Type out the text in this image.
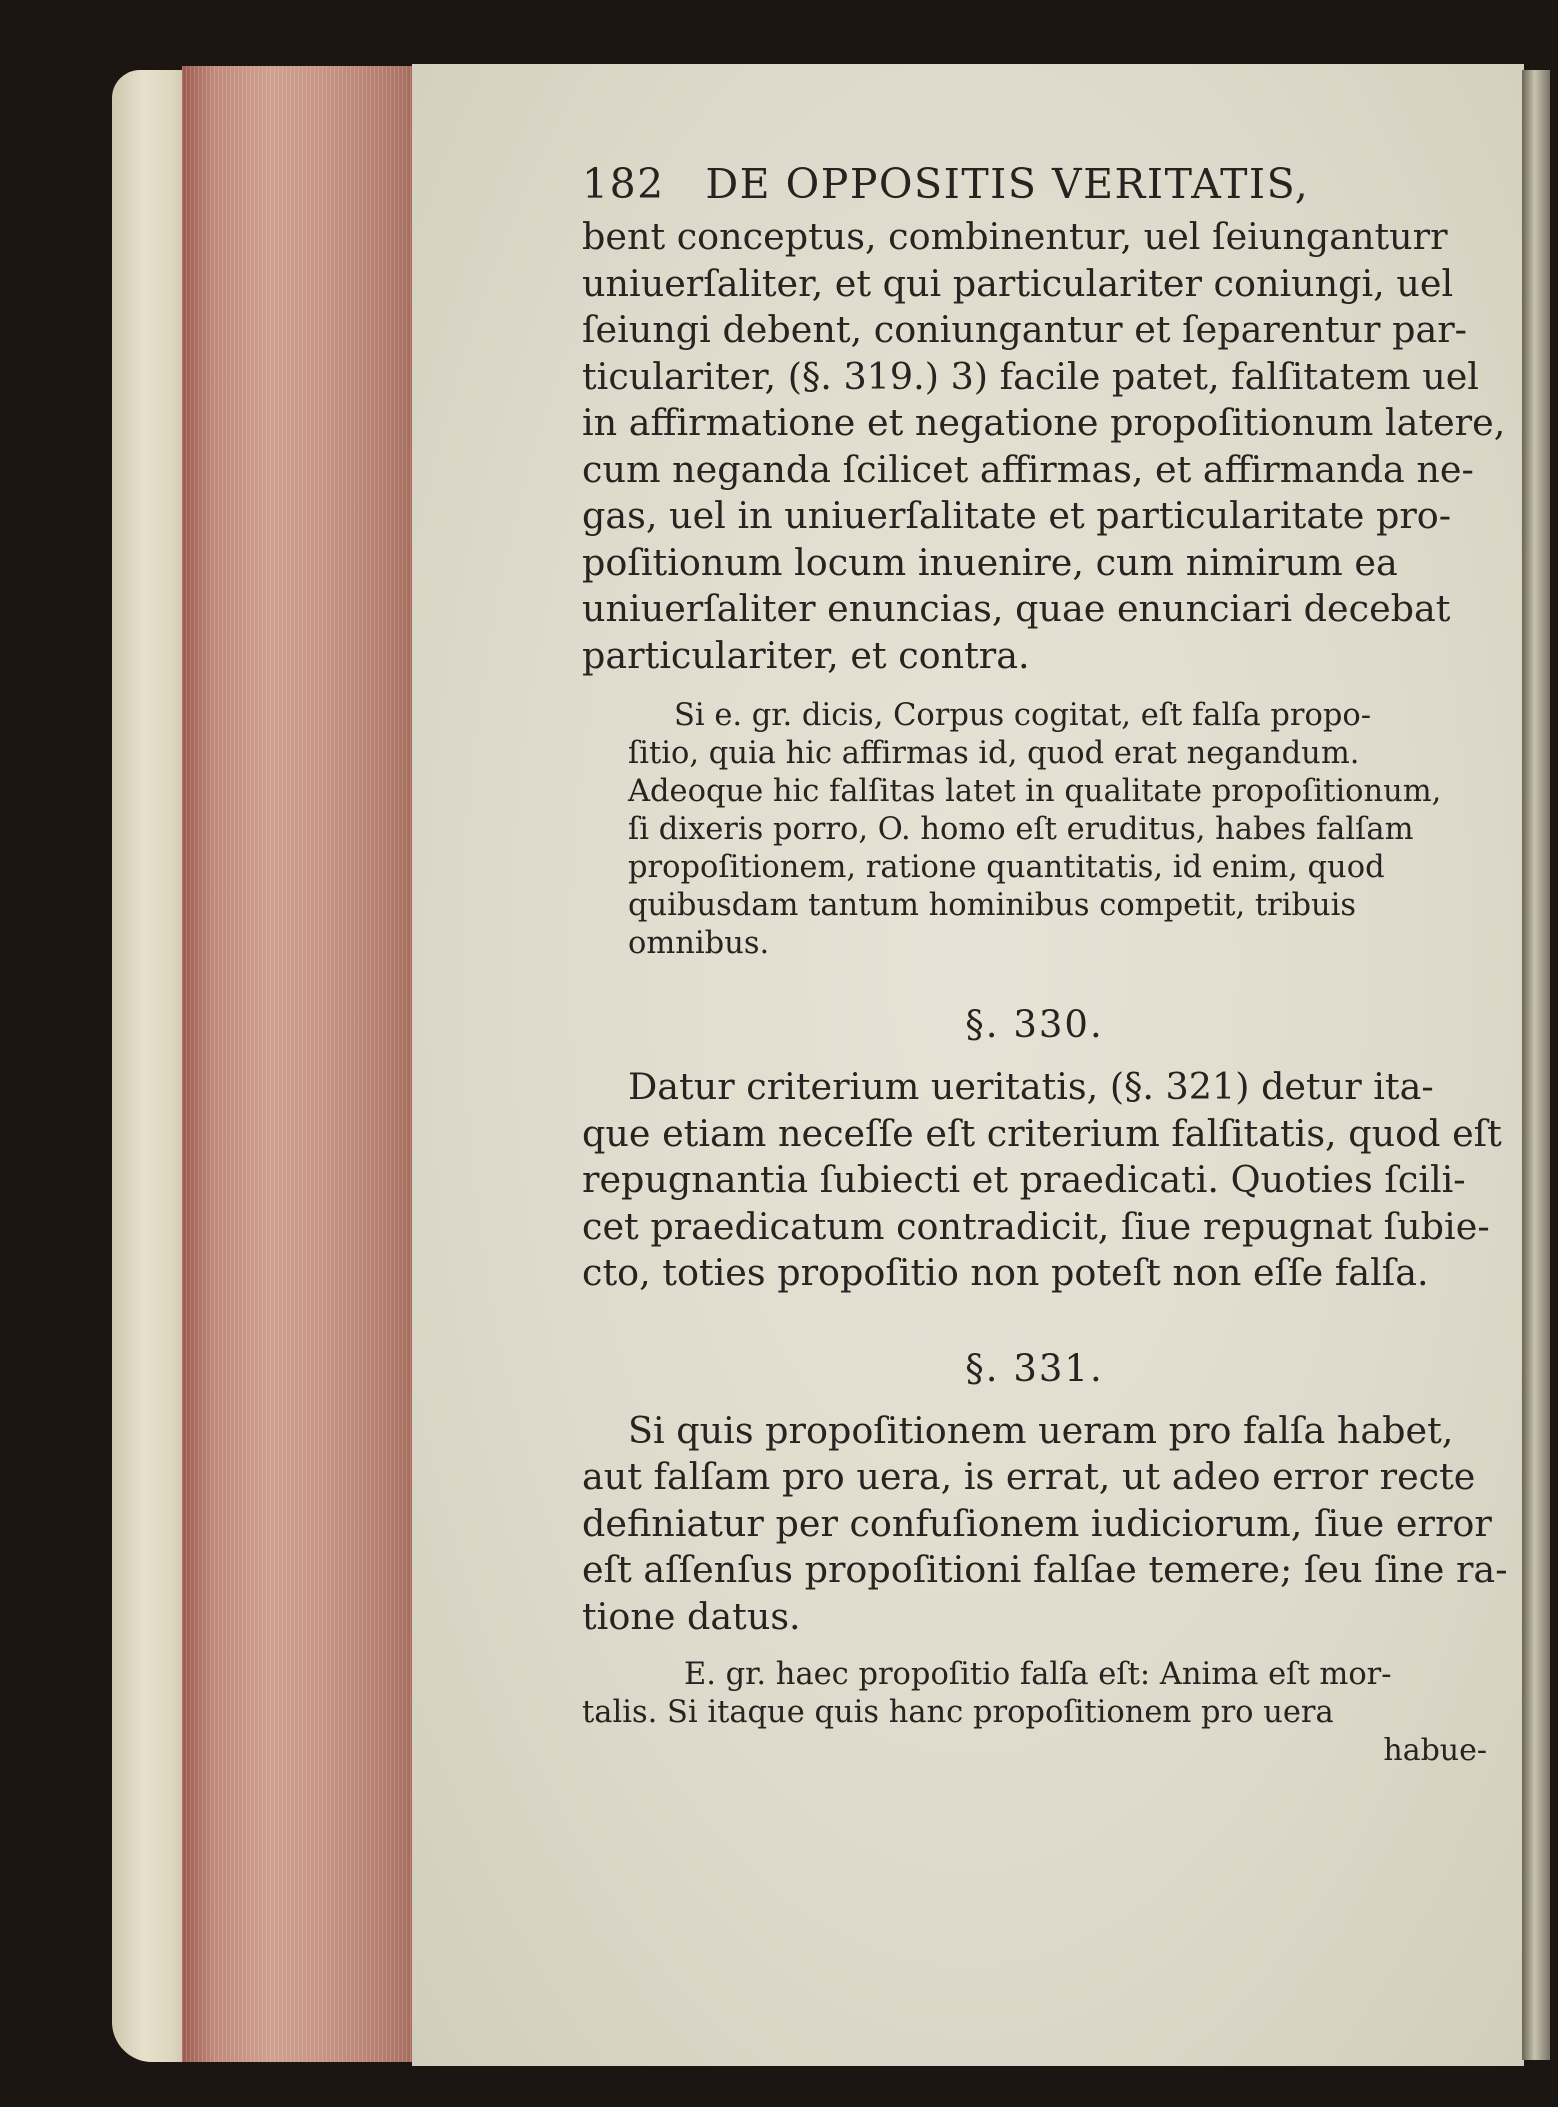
182 DE OPPOSITIS VERITATIS,

bent conceptus, combinentur, uel ſeiunganturr
uniuerſaliter, et qui particulariter coniungi, uel
ſeiungi debent, coniungantur et ſeparentur par-
ticulariter, (§. 319.) 3) facile patet, falſitatem uel
in affirmatione et negatione propoſitionum latere,
cum neganda ſcilicet affirmas, et affirmanda ne-
gas, uel in uniuerſalitate et particularitate pro-
poſitionum locum inuenire, cum nimirum ea
uniuerſaliter enuncias, quae enunciari decebat
particulariter, et contra.

Si e. gr. dicis, Corpus cogitat, eſt falſa propo-
ſitio, quia hic affirmas id, quod erat negandum.
Adeoque hic falſitas latet in qualitate propoſitionum,
ſi dixeris porro, O. homo eſt eruditus, habes falſam
propoſitionem, ratione quantitatis, id enim, quod
quibusdam tantum hominibus competit, tribuis
omnibus.

§. 330.

Datur criterium ueritatis, (§. 321) detur ita-
que etiam neceſſe eſt criterium falſitatis, quod eſt
repugnantia ſubiecti et praedicati. Quoties ſcili-
cet praedicatum contradicit, ſiue repugnat ſubie-
cto, toties propoſitio non poteſt non eſſe falſa.

§. 331.

Si quis propoſitionem ueram pro falſa habet,
aut falſam pro uera, is errat, ut adeo error recte
definiatur per confuſionem iudiciorum, ſiue error
eſt aſſenſus propoſitioni falſae temere; ſeu ſine ra-
tione datus.

E. gr. haec propoſitio falſa eſt: Anima eſt mor-
talis. Si itaque quis hanc propoſitionem pro uera
habue-
